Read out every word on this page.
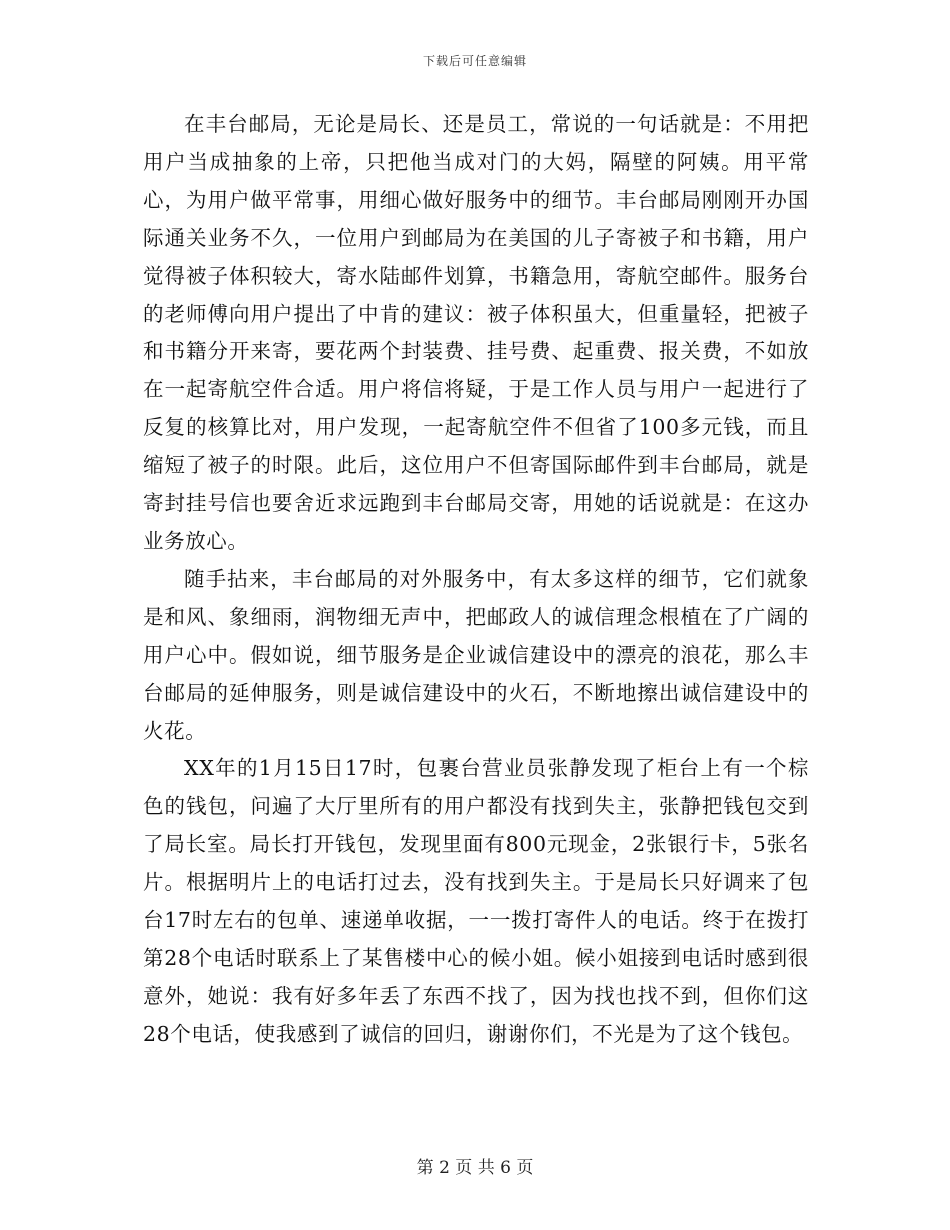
下载后可任意编辑

在丰台邮局，无论是局长、还是员工，常说的一句话就是：不用把用户当成抽象的上帝，只把他当成对门的大妈，隔壁的阿姨。用平常心，为用户做平常事，用细心做好服务中的细节。丰台邮局刚刚开办国际通关业务不久，一位用户到邮局为在美国的儿子寄被子和书籍，用户觉得被子体积较大，寄水陆邮件划算，书籍急用，寄航空邮件。服务台的老师傅向用户提出了中肯的建议：被子体积虽大，但重量轻，把被子和书籍分开来寄，要花两个封装费、挂号费、起重费、报关费，不如放在一起寄航空件合适。用户将信将疑，于是工作人员与用户一起进行了反复的核算比对，用户发现，一起寄航空件不但省了100多元钱，而且缩短了被子的时限。此后，这位用户不但寄国际邮件到丰台邮局，就是寄封挂号信也要舍近求远跑到丰台邮局交寄，用她的话说就是：在这办业务放心。

随手拈来，丰台邮局的对外服务中，有太多这样的细节，它们就象是和风、象细雨，润物细无声中，把邮政人的诚信理念根植在了广阔的用户心中。假如说，细节服务是企业诚信建设中的漂亮的浪花，那么丰台邮局的延伸服务，则是诚信建设中的火石，不断地擦出诚信建设中的火花。

XX年的1月15日17时，包裹台营业员张静发现了柜台上有一个棕色的钱包，问遍了大厅里所有的用户都没有找到失主，张静把钱包交到了局长室。局长打开钱包，发现里面有800元现金，2张银行卡，5张名片。根据明片上的电话打过去，没有找到失主。于是局长只好调来了包台17时左右的包单、速递单收据，一一拨打寄件人的电话。终于在拨打第28个电话时联系上了某售楼中心的候小姐。候小姐接到电话时感到很意外，她说：我有好多年丢了东西不找了，因为找也找不到，但你们这28个电话，使我感到了诚信的回归，谢谢你们，不光是为了这个钱包。

第 2 页 共 6 页
